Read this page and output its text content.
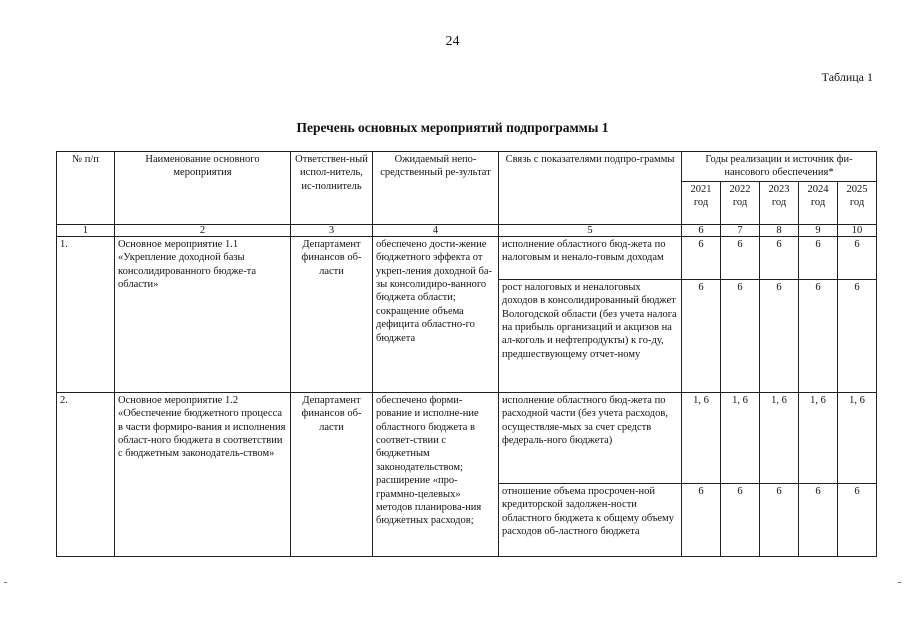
24
Таблица 1
Перечень основных мероприятий подпрограммы 1
№ п/п	Наименование основного мероприятия	Ответствен-ный испол-нитель, ис-полнитель	Ожидаемый непо-средственный ре-зультат	Связь с показателями подпро-граммы	Годы реализации и источник фи-нансового обеспечения*				
					2021 год	2022 год	2023 год	2024 год	2025 год
1	2	3	4	5	6	7	8	9	10
1.	Основное мероприятие 1.1 «Укрепление доходной базы консолидированного бюдже-та области»	Департамент финансов об-ласти	обеспечено дости-жение бюджетного эффекта от укреп-ления доходной ба-зы консолидиро-ванного бюджета области; сокращение объема дефицита областно-го бюджета	исполнение областного бюд-жета по налоговым и ненало-говым доходам	6	6	6	6	6
				рост налоговых и неналоговых доходов в консолидированный бюджет Вологодской области (без учета налога на прибыль организаций и акцизов на ал-коголь и нефтепродукты) к го-ду, предшествующему отчет-ному	6	6	6	6	6
2.	Основное мероприятие 1.2 «Обеспечение бюджетного процесса в части формиро-вания и исполнения област-ного бюджета в соответствии с бюджетным законодатель-ством»	Департамент финансов об-ласти	обеспечено форми-рование и исполне-ние областного бюджета в соответ-ствии с бюджетным законодательством; расширение «про-граммно-целевых» методов планирова-ния бюджетных расходов;	исполнение областного бюд-жета по расходной части (без учета расходов, осуществляе-мых за счет средств федераль-ного бюджета)	1, 6	1, 6	1, 6	1, 6	1, 6
				отношение объема просрочен-ной кредиторской задолжен-ности областного бюджета к общему объему расходов об-ластного бюджета	6	6	6	6	6
